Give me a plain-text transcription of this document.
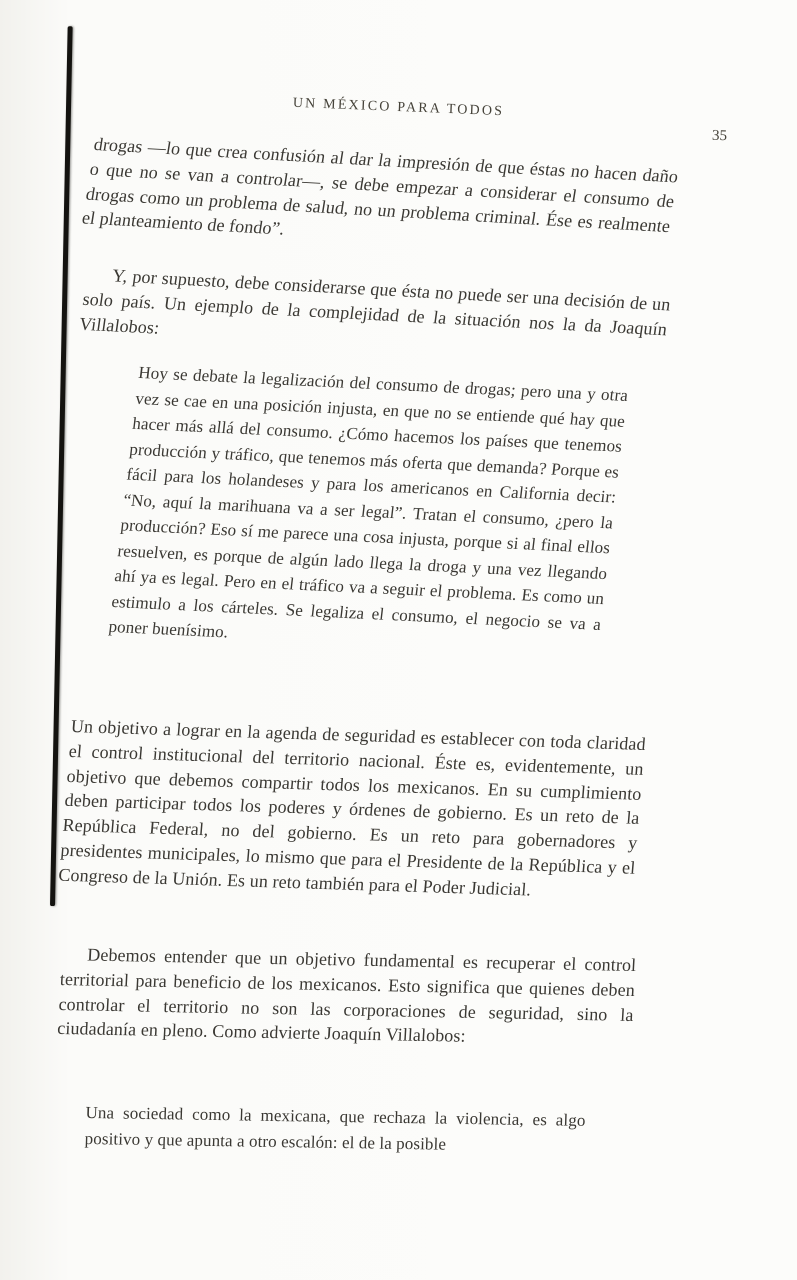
UN MÉXICO PARA TODOS
35
drogas —lo que crea confusión al dar la impresión de que éstas no hacen daño o que no se van a controlar—, se debe empezar a considerar el consumo de drogas como un problema de salud, no un problema criminal. Ése es realmente el planteamiento de fondo”.
Y, por supuesto, debe considerarse que ésta no puede ser una decisión de un solo país. Un ejemplo de la complejidad de la situación nos la da Joaquín Villalobos:
Hoy se debate la legalización del consumo de drogas; pero una y otra vez se cae en una posición injusta, en que no se entiende qué hay que hacer más allá del consumo. ¿Cómo hacemos los países que tenemos producción y tráfico, que tenemos más oferta que demanda? Porque es fácil para los holandeses y para los americanos en California decir: “No, aquí la marihuana va a ser legal”. Tratan el consumo, ¿pero la producción? Eso sí me parece una cosa injusta, porque si al final ellos resuelven, es porque de algún lado llega la droga y una vez llegando ahí ya es legal. Pero en el tráfico va a seguir el problema. Es como un estimulo a los cárteles. Se legaliza el consumo, el negocio se va a poner buenísimo.
Un objetivo a lograr en la agenda de seguridad es establecer con toda claridad el control institucional del territorio nacional. Éste es, evidentemente, un objetivo que debemos compartir todos los mexicanos. En su cumplimiento deben participar todos los poderes y órdenes de gobierno. Es un reto de la República Federal, no del gobierno. Es un reto para gobernadores y presidentes municipales, lo mismo que para el Presidente de la República y el Congreso de la Unión. Es un reto también para el Poder Judicial.
Debemos entender que un objetivo fundamental es recuperar el control territorial para beneficio de los mexicanos. Esto significa que quienes deben controlar el territorio no son las corporaciones de seguridad, sino la ciudadanía en pleno. Como advierte Joaquín Villalobos:
Una sociedad como la mexicana, que rechaza la violencia, es algo positivo y que apunta a otro escalón: el de la posible
